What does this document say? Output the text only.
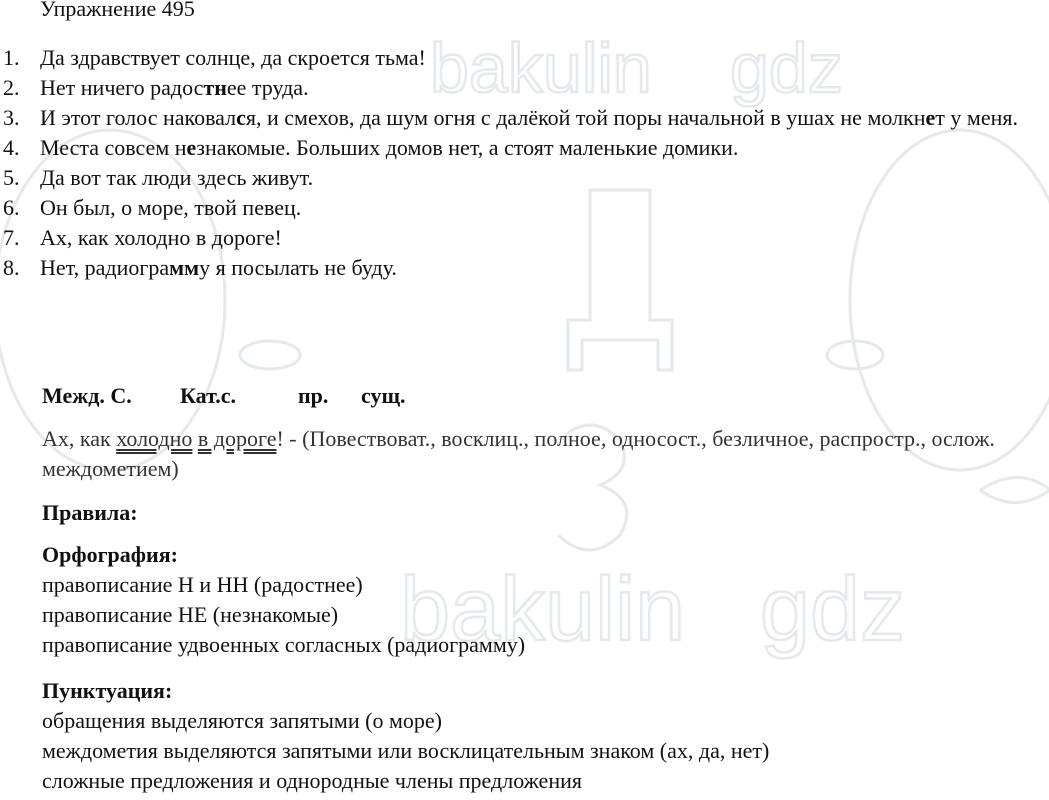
bakulin gdz
bakulin gdz
Упражнение 495
1. Да здравствует солнце, да скроется тьма!
2. Нет ничего радостнее труда.
3. И этот голос наковался, и смехов, да шум огня с далёкой той поры начальной в ушах не молкнет у меня.
4. Места совсем незнакомые. Больших домов нет, а стоят маленькие домики.
5. Да вот так люди здесь живут.
6. Он был, о море, твой певец.
7. Ах, как холодно в дороге!
8. Нет, радиограмму я посылать не буду.
Межд. С. Кат.с.	пр. сущ.
Ах, как холодно в дороге! - (Повествоват., восклиц., полное, односост., безличное, распростр., ослож. междометием)
Правила:
Орфография:
правописание Н и НН (радостнее)
правописание НЕ (незнакомые)
правописание удвоенных согласных (радиограмму)
Пунктуация:
обращения выделяются запятыми (о море)
междометия выделяются запятыми или восклицательным знаком (ах, да, нет)
сложные предложения и однородные члены предложения
